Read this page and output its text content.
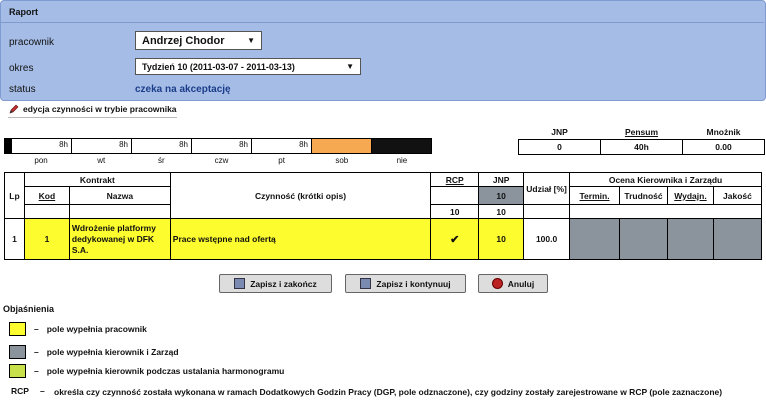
Raport
pracownik	Andrzej Chodor	▼
okres	Tydzień 10 (2011-03-07 - 2011-03-13)	▼
status	czeka na akceptację
edycja czynności w trybie pracownika
8h	8h	8h	8h	8h
pon	wt	śr	czw	pt	sob	nie
JNP	Pensum	Mnożnik
0	40h	0.00
Lp	Kontrakt		Czynność (krótki opis)	RCP	JNP	Udział [%]	Ocena Kierownika i Zarządu			
	Kod	Nazwa			10		Termin.	Trudność	Wydajn.	Jakość
				10	10					
1	1	Wdrożenie platformy dedykowanej w DFK S.A.	Prace wstępne nad ofertą	✔	10	100.0				
Zapisz i zakończ	Zapisz i kontynuuj	Anuluj
Objaśnienia
– pole wypełnia pracownik
– pole wypełnia kierownik i Zarząd
– pole wypełnia kierownik podczas ustalania harmonogramu
RCP – określa czy czynność została wykonana w ramach Dodatkowych Godzin Pracy (DGP, pole odznaczone), czy godziny zostały zarejestrowane w RCP (pole zaznaczone)
